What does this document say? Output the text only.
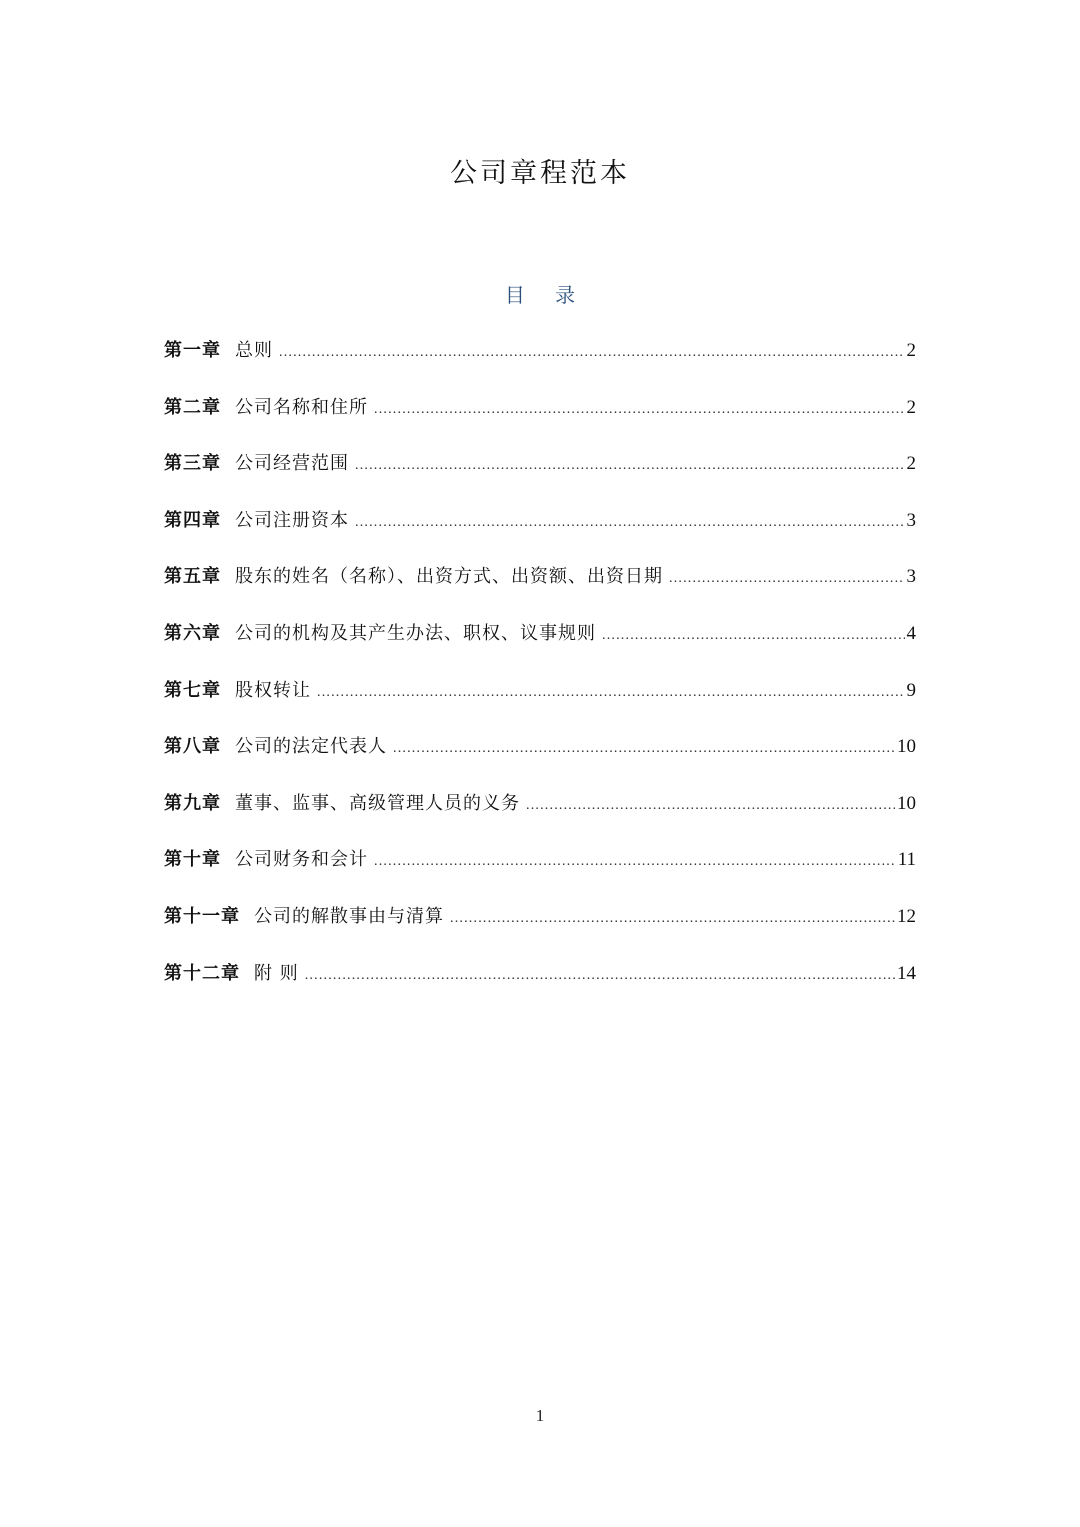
公司章程范本
目 录
第一章 总则 .....	2
第二章 公司名称和住所 .....	2
第三章 公司经营范围 .....	2
第四章 公司注册资本 .....	3
第五章 股东的姓名（名称）、出资方式、出资额、出资日期 .....	3
第六章 公司的机构及其产生办法、职权、议事规则 .....	4
第七章 股权转让 .....	9
第八章 公司的法定代表人 .....	10
第九章 董事、监事、高级管理人员的义务 .....	10
第十章 公司财务和会计 .....	11
第十一章 公司的解散事由与清算 .....	12
第十二章 附 则 .....	14
1
